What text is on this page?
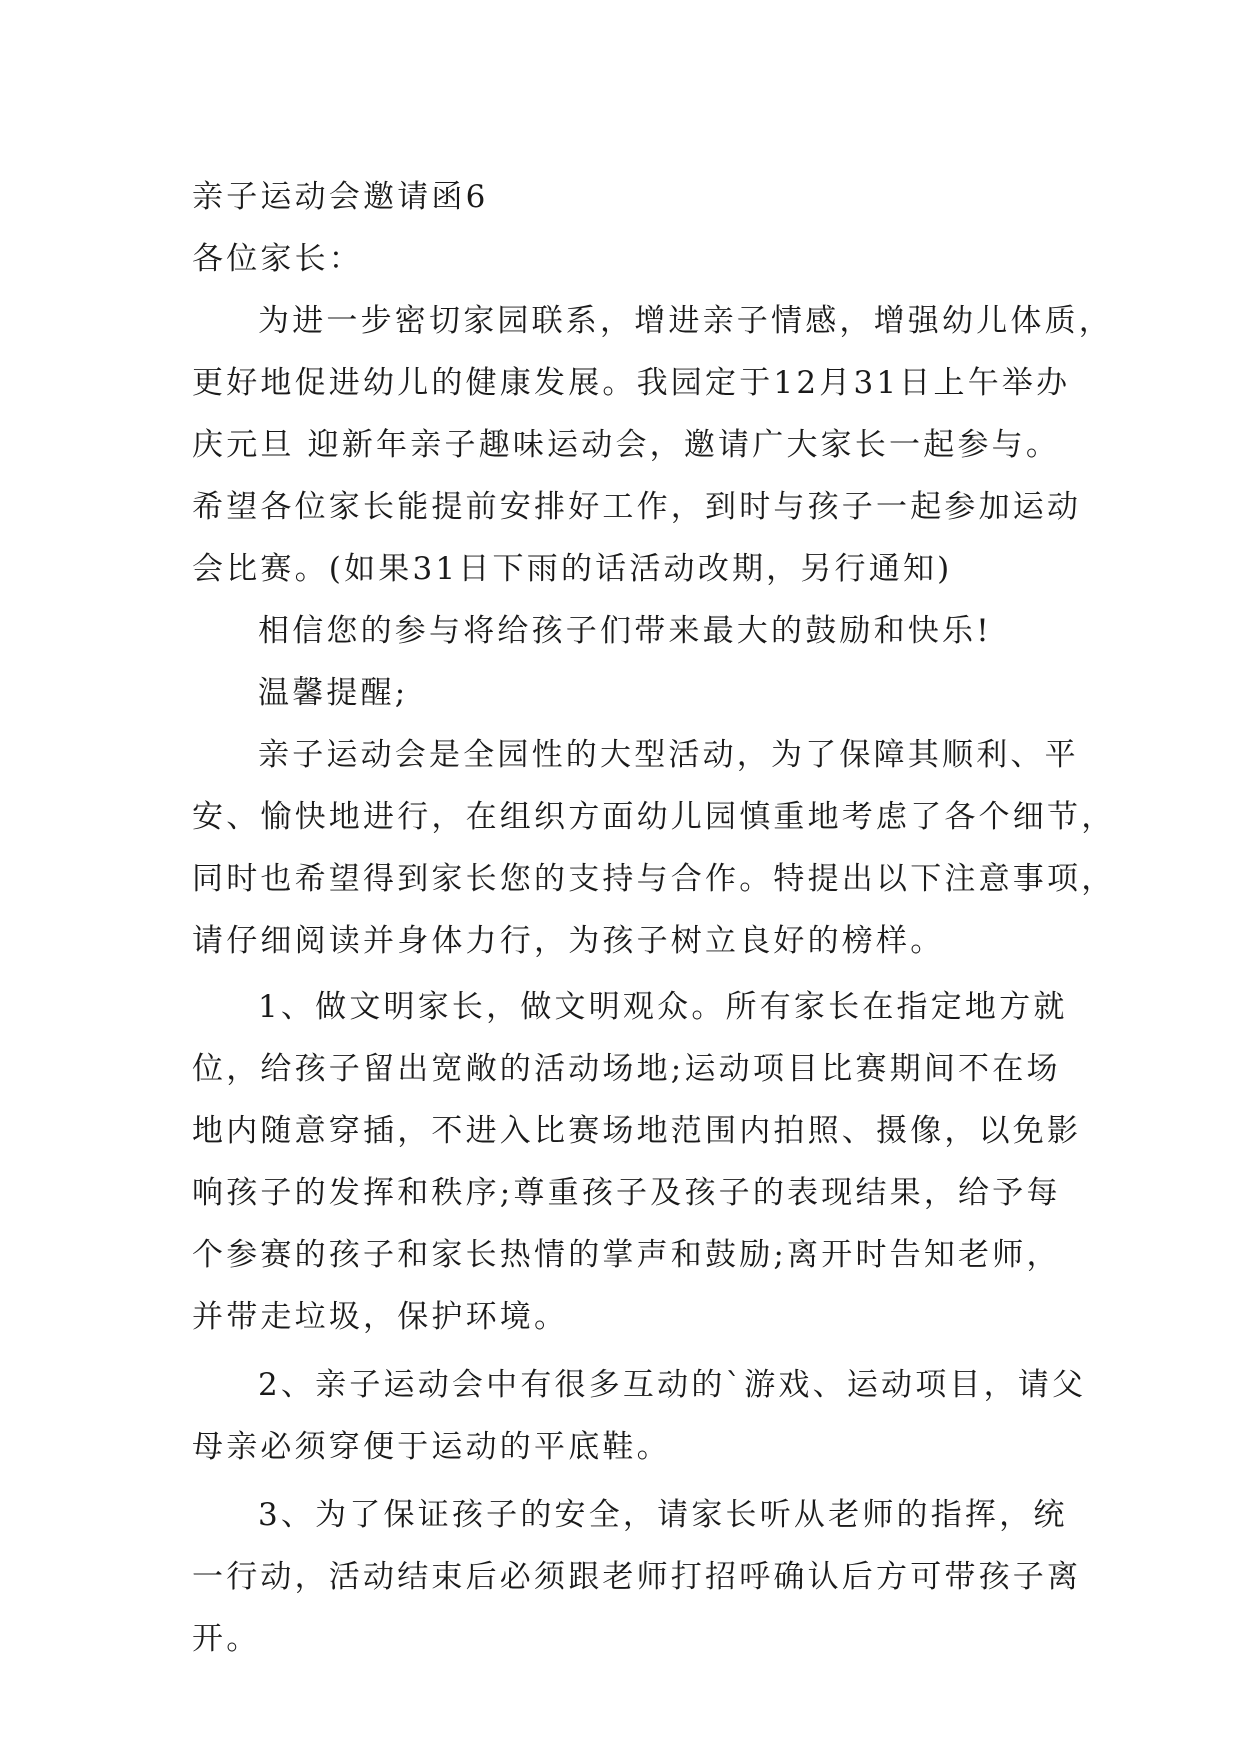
亲子运动会邀请函6
各位家长：
为进一步密切家园联系，增进亲子情感，增强幼儿体质，
更好地促进幼儿的健康发展。我园定于12月31日上午举办
庆元旦 迎新年亲子趣味运动会，邀请广大家长一起参与。
希望各位家长能提前安排好工作，到时与孩子一起参加运动
会比赛。(如果31日下雨的话活动改期，另行通知)
相信您的参与将给孩子们带来最大的鼓励和快乐!
温馨提醒;
亲子运动会是全园性的大型活动，为了保障其顺利、平
安、愉快地进行，在组织方面幼儿园慎重地考虑了各个细节，
同时也希望得到家长您的支持与合作。特提出以下注意事项，
请仔细阅读并身体力行，为孩子树立良好的榜样。
1、做文明家长，做文明观众。所有家长在指定地方就
位，给孩子留出宽敞的活动场地;运动项目比赛期间不在场
地内随意穿插，不进入比赛场地范围内拍照、摄像，以免影
响孩子的发挥和秩序;尊重孩子及孩子的表现结果，给予每
个参赛的孩子和家长热情的掌声和鼓励;离开时告知老师，
并带走垃圾，保护环境。
2、亲子运动会中有很多互动的`游戏、运动项目，请父
母亲必须穿便于运动的平底鞋。
3、为了保证孩子的安全，请家长听从老师的指挥，统
一行动，活动结束后必须跟老师打招呼确认后方可带孩子离
开。
